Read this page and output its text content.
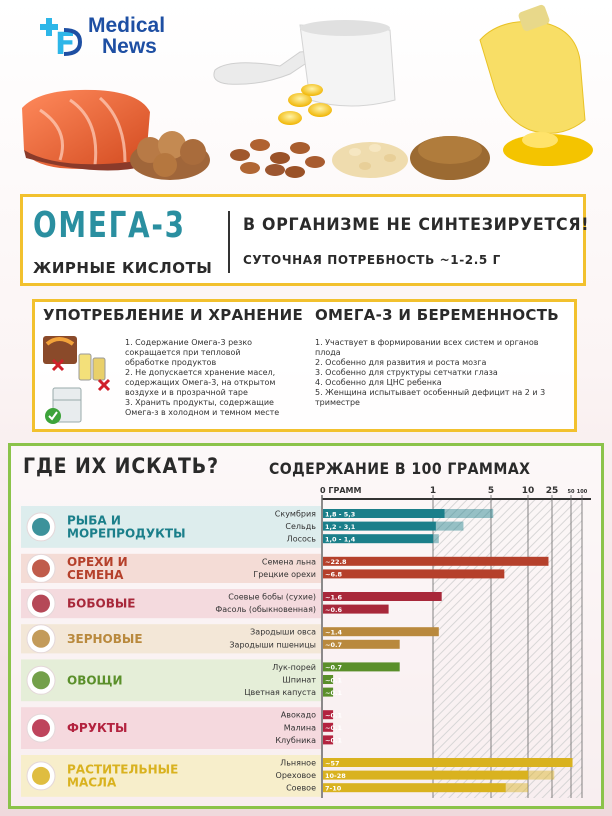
F
Medical
News
ОМЕГА-3
ЖИРНЫЕ КИСЛОТЫ
В ОРГАНИЗМЕ НЕ СИНТЕЗИРУЕТСЯ!
СУТОЧНАЯ ПОТРЕБНОСТЬ ~1-2.5 Г
УПОТРЕБЛЕНИЕ И ХРАНЕНИЕ ОМЕГА-3 И БЕРЕМЕННОСТЬ
1. Содержание Омега-3 резко
сокращается при тепловой
обработке продуктов
2. Не допускается хранение масел,
содержащих Омега-3, на открытом
воздухе и в прозрачной таре
3. Хранить продукты, содержащие
Омега-з в холодном и темном месте
1. Участвует в формировании всех систем и органов
плода
2. Особенно для развития и роста мозга
3. Особенно для структуры сетчатки глаза
4. Особенно для ЦНС ребенка
5. Женщина испытывает особенный дефицит на 2 и 3
триместре
ГДЕ ИХ ИСКАТЬ?	СОДЕРЖАНИЕ В 100 ГРАММАХ
0 ГРАММ	1	5	10 25 50 100
РЫБА И
МОРЕПРОДУКТЫ
Скумбрия 1,8 - 5,3
Сельдь 1,2 - 3,1
Лосось 1,0 - 1,4
ОРЕХИ И
СЕМЕНА
Семена льна ~22.8
Грецкие орехи ~6.8
БОБОВЫЕ	Соевые бобы (сухие) ~1.6
Фасоль (обыкновенная) ~0.6
ЗЕРНОВЫЕ	Зародыши овса ~1.4
Зародыши пшеницы ~0.7
ОВОЩИ
Лук-порей ~0.7
Шпинат ~0.1
Цветная капуста ~0.1
ФРУКТЫ
Авокадо ~0.1
Малина ~0.1
Клубника ~0.1
РАСТИТЕЛЬНЫЕ
МАСЛА
Льняное ~57
Ореховое 10-28
Соевое 7-10
